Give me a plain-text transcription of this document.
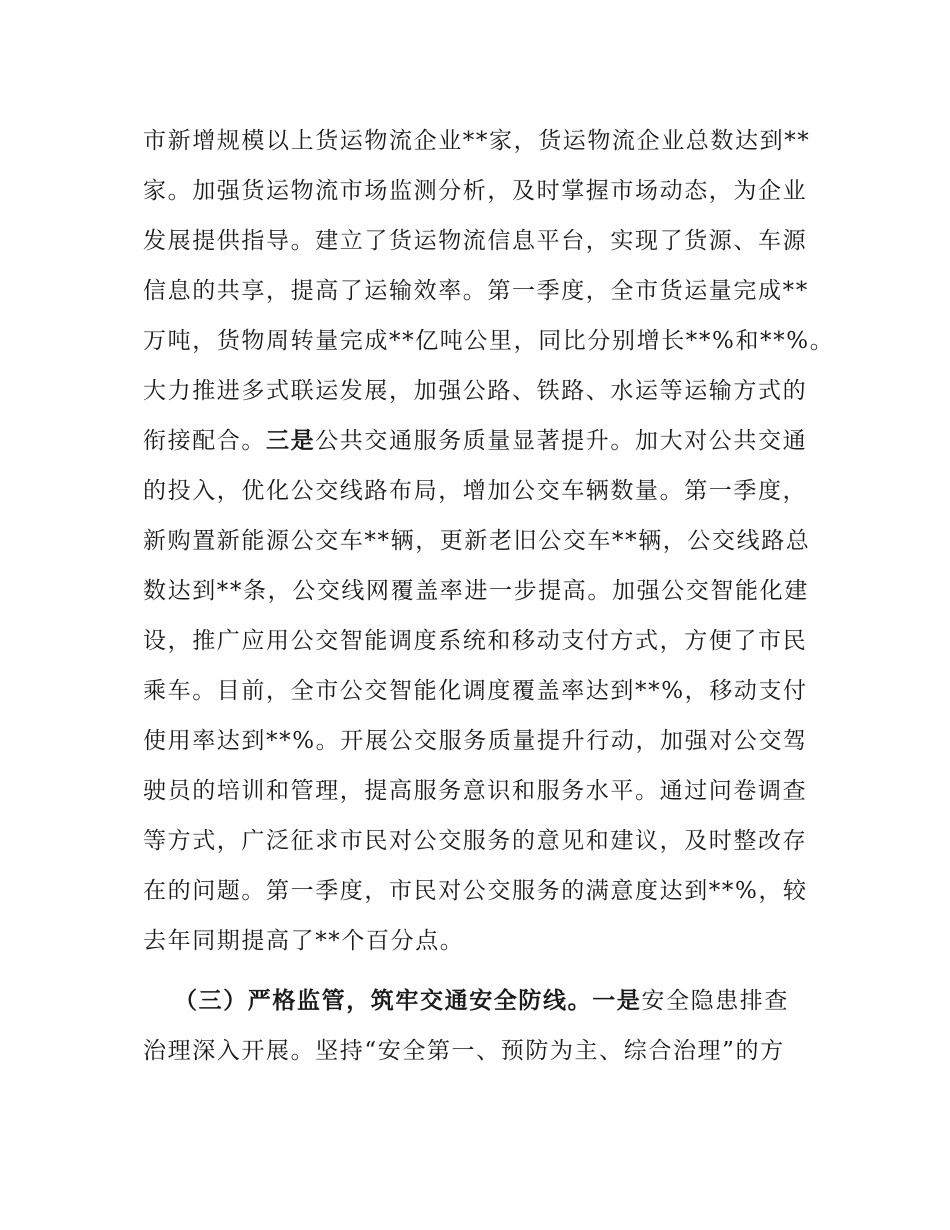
市新增规模以上货运物流企业**家，货运物流企业总数达到**
家。加强货运物流市场监测分析，及时掌握市场动态，为企业
发展提供指导。建立了货运物流信息平台，实现了货源、车源
信息的共享，提高了运输效率。第一季度，全市货运量完成**
万吨，货物周转量完成**亿吨公里，同比分别增长**%和**%。
大力推进多式联运发展，加强公路、铁路、水运等运输方式的
衔接配合。三是公共交通服务质量显著提升。加大对公共交通
的投入，优化公交线路布局，增加公交车辆数量。第一季度，
新购置新能源公交车**辆，更新老旧公交车**辆，公交线路总
数达到**条，公交线网覆盖率进一步提高。加强公交智能化建
设，推广应用公交智能调度系统和移动支付方式，方便了市民
乘车。目前，全市公交智能化调度覆盖率达到**%，移动支付
使用率达到**%。开展公交服务质量提升行动，加强对公交驾
驶员的培训和管理，提高服务意识和服务水平。通过问卷调查
等方式，广泛征求市民对公交服务的意见和建议，及时整改存
在的问题。第一季度，市民对公交服务的满意度达到**%，较
去年同期提高了**个百分点。
（三）严格监管，筑牢交通安全防线。一是安全隐患排查
治理深入开展。坚持“安全第一、预防为主、综合治理”的方
